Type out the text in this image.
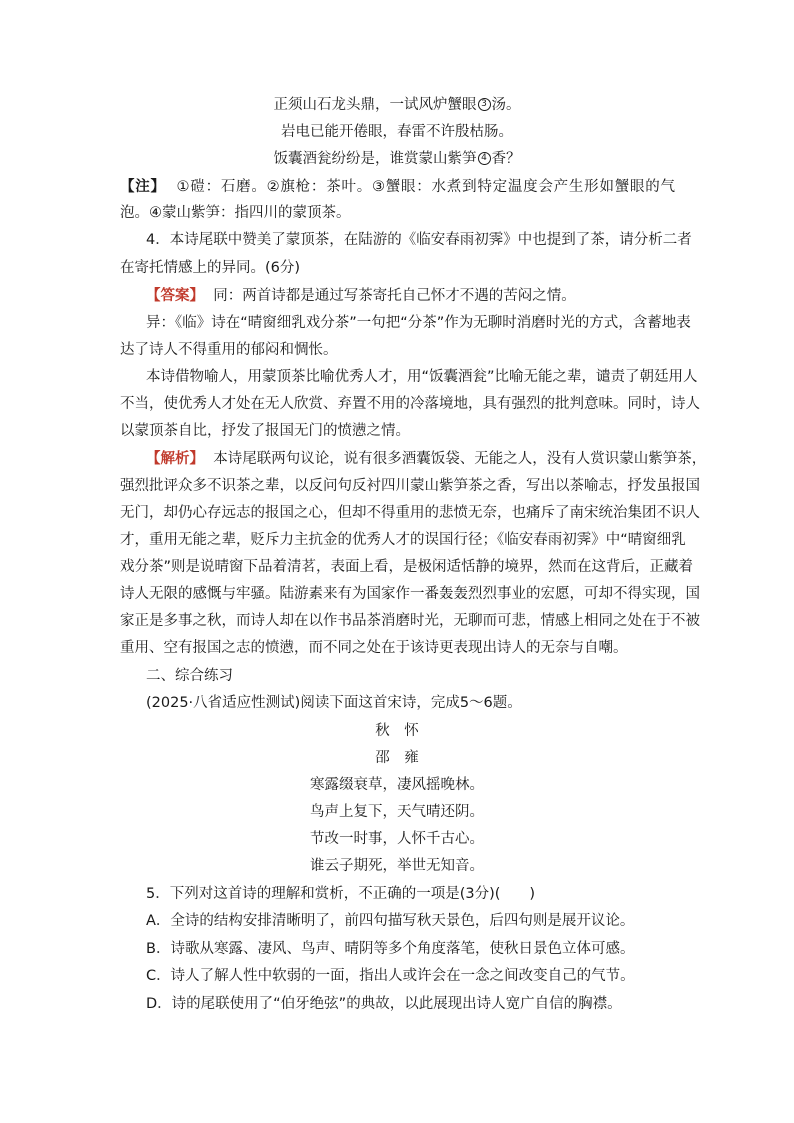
正须山石龙头鼎，一试风炉蟹眼 3 汤。
岩电已能开倦眼，春雷不许殷枯肠。
饭囊酒瓮纷纷是，谁赏蒙山紫笋 4 香？
【注】 ①磑：石磨。②旗枪：茶叶。③蟹眼：水煮到特定温度会产生形如蟹眼的气
泡。④蒙山紫笋：指四川的蒙顶茶。
4．本诗尾联中赞美了蒙顶茶，在陆游的《临安春雨初霁》中也提到了茶，请分析二者
在寄托情感上的异同。(6分)
【答案】 同：两首诗都是通过写茶寄托自己怀才不遇的苦闷之情。
异：《临》诗在“晴窗细乳戏分茶”一句把“分茶”作为无聊时消磨时光的方式，含蓄地表
达了诗人不得重用的郁闷和惆怅。
本诗借物喻人，用蒙顶茶比喻优秀人才，用“饭囊酒瓮”比喻无能之辈，谴责了朝廷用人
不当，使优秀人才处在无人欣赏、弃置不用的冷落境地，具有强烈的批判意味。同时，诗人
以蒙顶茶自比，抒发了报国无门的愤懑之情。
【解析】 本诗尾联两句议论，说有很多酒囊饭袋、无能之人，没有人赏识蒙山紫笋茶，
强烈批评众多不识茶之辈，以反问句反衬四川蒙山紫笋茶之香，写出以茶喻志，抒发虽报国
无门，却仍心存远志的报国之心，但却不得重用的悲愤无奈，也痛斥了南宋统治集团不识人
才，重用无能之辈，贬斥力主抗金的优秀人才的误国行径；《临安春雨初霁》中“晴窗细乳
戏分茶”则是说晴窗下品着清茗，表面上看，是极闲适恬静的境界，然而在这背后，正藏着
诗人无限的感慨与牢骚。陆游素来有为国家作一番轰轰烈烈事业的宏愿，可却不得实现，国
家正是多事之秋，而诗人却在以作书品茶消磨时光，无聊而可悲，情感上相同之处在于不被
重用、空有报国之志的愤懑，而不同之处在于该诗更表现出诗人的无奈与自嘲。
二、综合练习
(2025·八省适应性测试)阅读下面这首宋诗，完成5～6题。
秋　怀
邵　雍
寒露缀衰草，凄风摇晚林。
鸟声上复下，天气晴还阴。
节改一时事，人怀千古心。
谁云子期死，举世无知音。
5．下列对这首诗的理解和赏析，不正确的一项是(3分)(　　)
A．全诗的结构安排清晰明了，前四句描写秋天景色，后四句则是展开议论。
B．诗歌从寒露、凄风、鸟声、晴阴等多个角度落笔，使秋日景色立体可感。
C．诗人了解人性中软弱的一面，指出人或许会在一念之间改变自己的气节。
D．诗的尾联使用了“伯牙绝弦”的典故，以此展现出诗人宽广自信的胸襟。
